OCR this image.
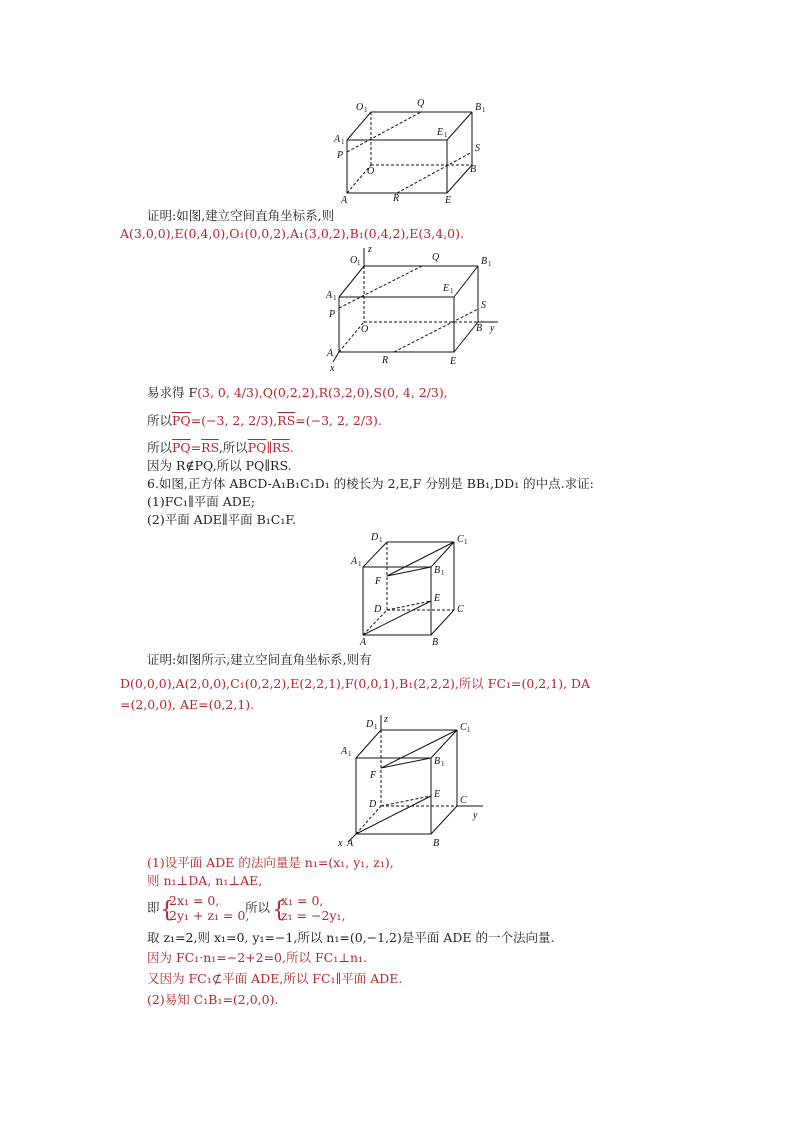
O 1
Q	B 1
A 1
E 1
P
S
O	B
A	R	E
证明:如图,建立空间直角坐标系,则
A(3,0,0),E(0,4,0),O₁(0,0,2),A₁(3,0,2),B₁(0,4,2),E(3,4,0).
z
O 1	Q	B 1
A 1
E 1
P
S
O	B y
A
x
R	E
易求得 F(3, 0, 4/3),Q(0,2,2),R(3,2,0),S(0, 4, 2/3),
所以$\overline{PQ}=(-3$, 2, $2/3),\overline{RS}=(-3$, 2, 2/3).
所以$\overline{PQ}=\overline{RS}$,所以$\overline{PQ}\parallel\overline{RS}$.
因为 R∉PQ,所以 PQ∥RS.
6.如图,正方体 ABCD-A₁B₁C₁D₁ 的棱长为 2,E,F 分别是 BB₁,DD₁ 的中点.求证:
(1)FC₁∥平面 ADE;
(2)平面 ADE∥平面 B₁C₁F.
D 1	C 1
A 1
B 1
F
D
E
C
A	B
证明:如图所示,建立空间直角坐标系,则有
D(0,0,0),A(2,0,0),C₁(0,2,2),E(2,2,1),F(0,0,1),B₁(2,2,2),所以 FC₁=(0,2,1), DA
=(2,0,0), AE=(0,2,1).
z
D 1	C 1
A 1
B 1
F
D
E
C
y
x A	B
(1)设平面 ADE 的法向量是 n₁=(x₁, y₁, z₁),
则 n₁⊥DA, n₁⊥AE,
即 {
2x₁ = 0,
2y₁ + z₁ = 0,
所以 {
x₁ = 0,
z₁ = −2y₁,
取 z₁=2,则 x₁=0, y₁=−1,所以 n₁=(0,−1,2)是平面 ADE 的一个法向量.
因为 FC₁·n₁=−2+2=0,所以 FC₁⊥n₁.
又因为 FC₁⊄平面 ADE,所以 FC₁∥平面 ADE.
(2)易知 C₁B₁=(2,0,0).
